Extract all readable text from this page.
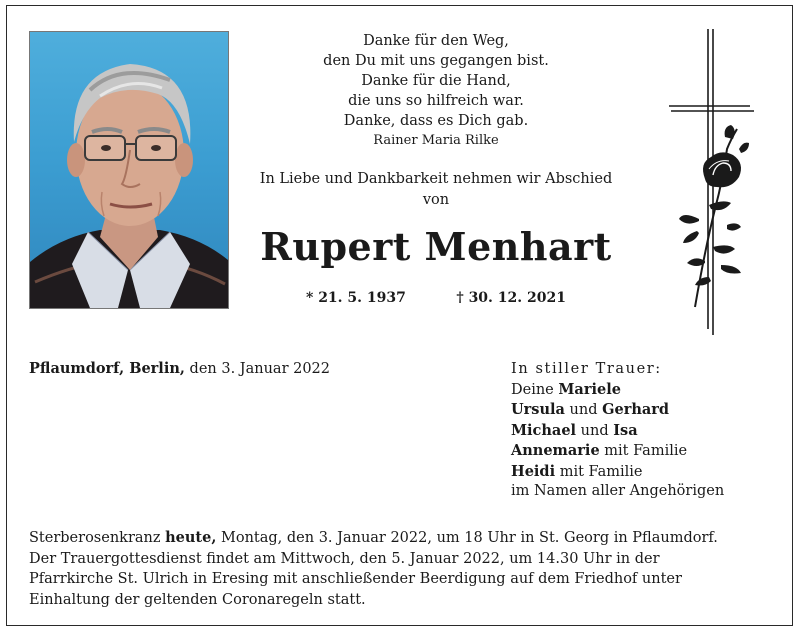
Danke für den Weg,
den Du mit uns gegangen bist.
Danke für die Hand,
die uns so hilfreich war.
Danke, dass es Dich gab.
Rainer Maria Rilke
In Liebe und Dankbarkeit nehmen wir Abschied
von
Rupert Menhart
* 21. 5. 1937	† 30. 12. 2021
Pflaumdorf, Berlin, den 3. Januar 2022	In stiller Trauer:
Deine Mariele
Ursula und Gerhard
Michael und Isa
Annemarie mit Familie
Heidi mit Familie
im Namen aller Angehörigen
Sterberosenkranz heute, Montag, den 3. Januar 2022, um 18 Uhr in St. Georg in Pflaumdorf.
Der Trauergottesdienst findet am Mittwoch, den 5. Januar 2022, um 14.30 Uhr in der
Pfarrkirche St. Ulrich in Eresing mit anschließender Beerdigung auf dem Friedhof unter
Einhaltung der geltenden Coronaregeln statt.
